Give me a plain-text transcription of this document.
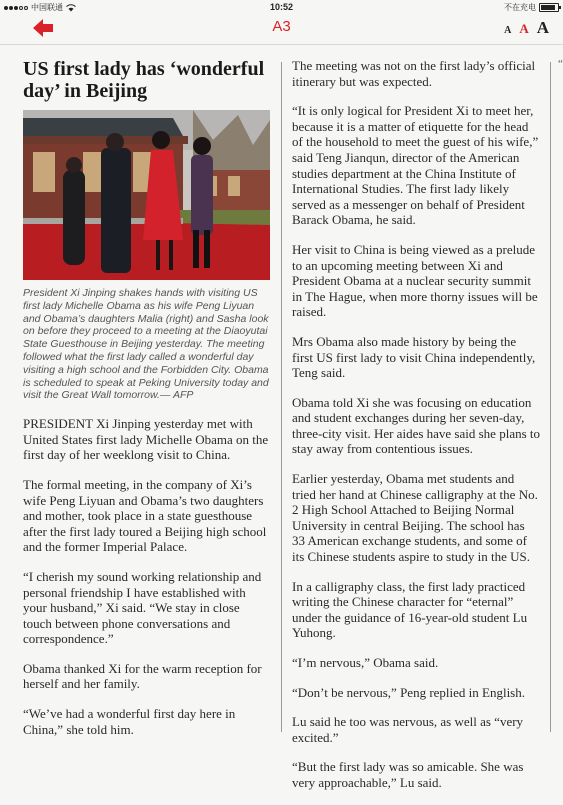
中国联通	10:52	不在充电
A3	A A A
US first lady has ‘wonderful day’ in Beijing

President Xi Jinping shakes hands with visiting US first lady Michelle Obama as his wife Peng Liyuan and Obama’s daughters Malia (right) and Sasha look on before they proceed to a meeting at the Diaoyutai State Guesthouse in Beijing yesterday. The meeting followed what the first lady called a wonderful day visiting a high school and the Forbidden City. Obama is scheduled to speak at Peking University today and visit the Great Wall tomorrow.— AFP

PRESIDENT Xi Jinping yesterday met with United States first lady Michelle Obama on the first day of her weeklong visit to China.

The formal meeting, in the company of Xi’s wife Peng Liyuan and Obama’s two daughters and mother, took place in a state guesthouse after the first lady toured a Beijing high school and the former Imperial Palace.

“I cherish my sound working relationship and personal friendship I have established with your husband,” Xi said. “We stay in close touch between phone conversations and correspondence.”

Obama thanked Xi for the warm reception for herself and her family.

“We’ve had a wonderful first day here in China,” she told him.

The meeting was not on the first lady’s official itinerary but was expected.

“It is only logical for President Xi to meet her, because it is a matter of etiquette for the head of the household to meet the guest of his wife,” said Teng Jianqun, director of the American studies department at the China Institute of International Studies. The first lady likely served as a messenger on behalf of President Barack Obama, he said.

Her visit to China is being viewed as a prelude to an upcoming meeting between Xi and President Obama at a nuclear security summit in The Hague, when more thorny issues will be raised.

Mrs Obama also made history by being the first US first lady to visit China independently, Teng said.

Obama told Xi she was focusing on education and student exchanges during her seven-day, three-city visit. Her aides have said she plans to stay away from contentious issues.

Earlier yesterday, Obama met students and tried her hand at Chinese calligraphy at the No. 2 High School Attached to Beijing Normal University in central Beijing. The school has 33 American exchange students, and some of its Chinese students aspire to study in the US.

In a calligraphy class, the first lady practiced writing the Chinese character for “eternal” under the guidance of 16-year-old student Lu Yuhong.

“I’m nervous,” Obama said.

“Don’t be nervous,” Peng replied in English.

Lu said he too was nervous, as well as “very excited.”

“But the first lady was so amicable. She was very approachable,” Lu said.

“
